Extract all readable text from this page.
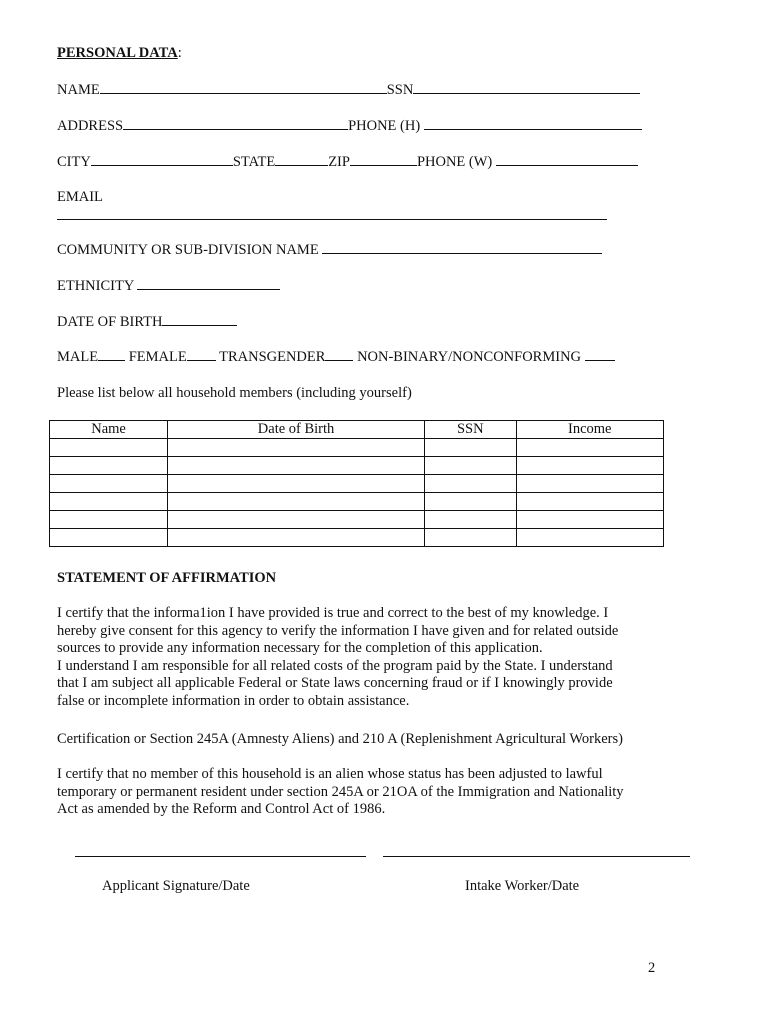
PERSONAL DATA:
NAME	SSN
ADDRESS	PHONE (H)
CITY	STATE	ZIP	PHONE (W)
EMAIL
COMMUNITY OR SUB-DIVISION NAME
ETHNICITY
DATE OF BIRTH
MALE FEMALE TRANSGENDER NON-BINARY/NONCONFORMING
Please list below all household members (including yourself)
Name	Date of Birth	SSN	Income

STATEMENT OF AFFIRMATION
I certify that the informa1ion I have provided is true and correct to the best of my knowledge. I
hereby give consent for this agency to verify the information I have given and for related outside
sources to provide any information necessary for the completion of this application.
I understand I am responsible for all related costs of the program paid by the State. I understand
that I am subject all applicable Federal or State laws concerning fraud or if I knowingly provide
false or incomplete information in order to obtain assistance.
Certification or Section 245A (Amnesty Aliens) and 210 A (Replenishment Agricultural Workers)
I certify that no member of this household is an alien whose status has been adjusted to lawful
temporary or permanent resident under section 245A or 21OA of the Immigration and Nationality
Act as amended by the Reform and Control Act of 1986.
Applicant Signature/Date	Intake Worker/Date
2
